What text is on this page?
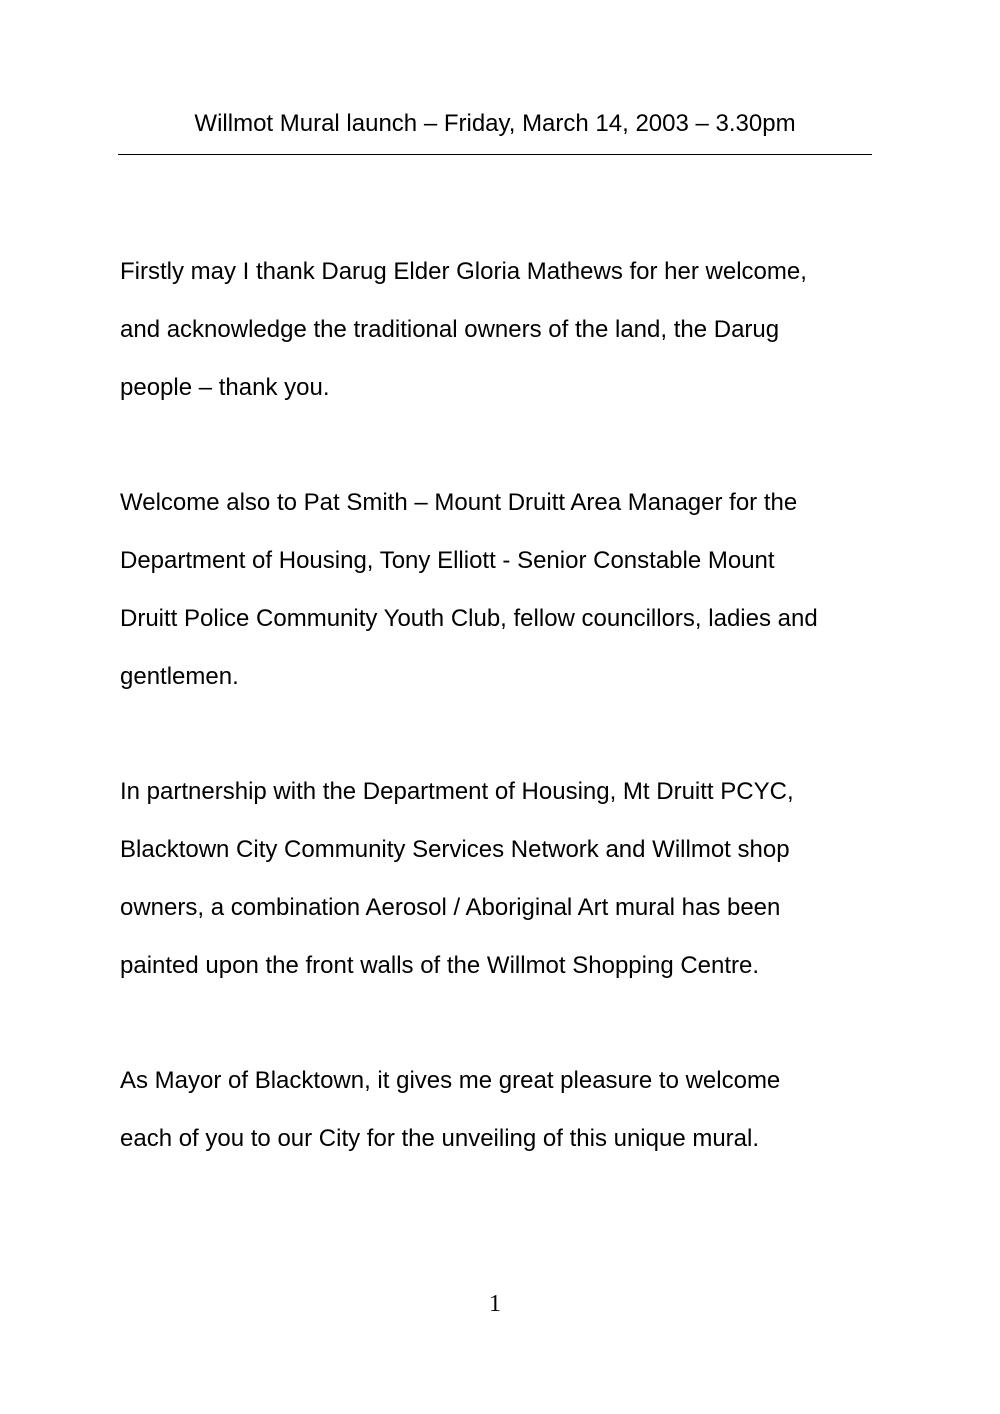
Willmot Mural launch – Friday, March 14, 2003 – 3.30pm
Firstly may I thank Darug Elder Gloria Mathews for her welcome,
and acknowledge the traditional owners of the land, the Darug
people – thank you.
Welcome also to Pat Smith – Mount Druitt Area Manager for the
Department of Housing, Tony Elliott - Senior Constable Mount
Druitt Police Community Youth Club, fellow councillors, ladies and
gentlemen.
In partnership with the Department of Housing, Mt Druitt PCYC,
Blacktown City Community Services Network and Willmot shop
owners, a combination Aerosol / Aboriginal Art mural has been
painted upon the front walls of the Willmot Shopping Centre.
As Mayor of Blacktown, it gives me great pleasure to welcome
each of you to our City for the unveiling of this unique mural.
1
